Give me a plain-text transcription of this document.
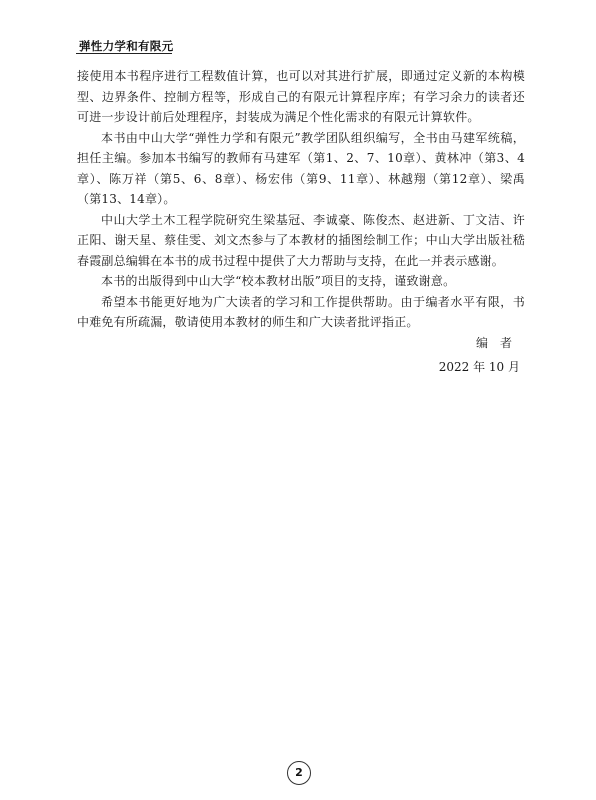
弹性力学和有限元

接使用本书程序进行工程数值计算，也可以对其进行扩展，即通过定义新的本构模型、边界条件、控制方程等，形成自己的有限元计算程序库；有学习余力的读者还可进一步设计前后处理程序，封装成为满足个性化需求的有限元计算软件。

本书由中山大学“弹性力学和有限元”教学团队组织编写，全书由马建军统稿，担任主编。参加本书编写的教师有马建军（第1、2、7、10章）、黄林冲（第3、4章）、陈万祥（第5、6、8章）、杨宏伟（第9、11章）、林越翔（第12章）、梁禹（第13、14章）。

中山大学土木工程学院研究生梁基冠、李诚豪、陈俊杰、赵进新、丁文洁、许正阳、谢天星、蔡佳雯、刘文杰参与了本教材的插图绘制工作；中山大学出版社嵇春霞副总编辑在本书的成书过程中提供了大力帮助与支持，在此一并表示感谢。

本书的出版得到中山大学“校本教材出版”项目的支持，谨致谢意。

希望本书能更好地为广大读者的学习和工作提供帮助。由于编者水平有限，书中难免有所疏漏，敬请使用本教材的师生和广大读者批评指正。

编　者
2022 年 10 月
2
